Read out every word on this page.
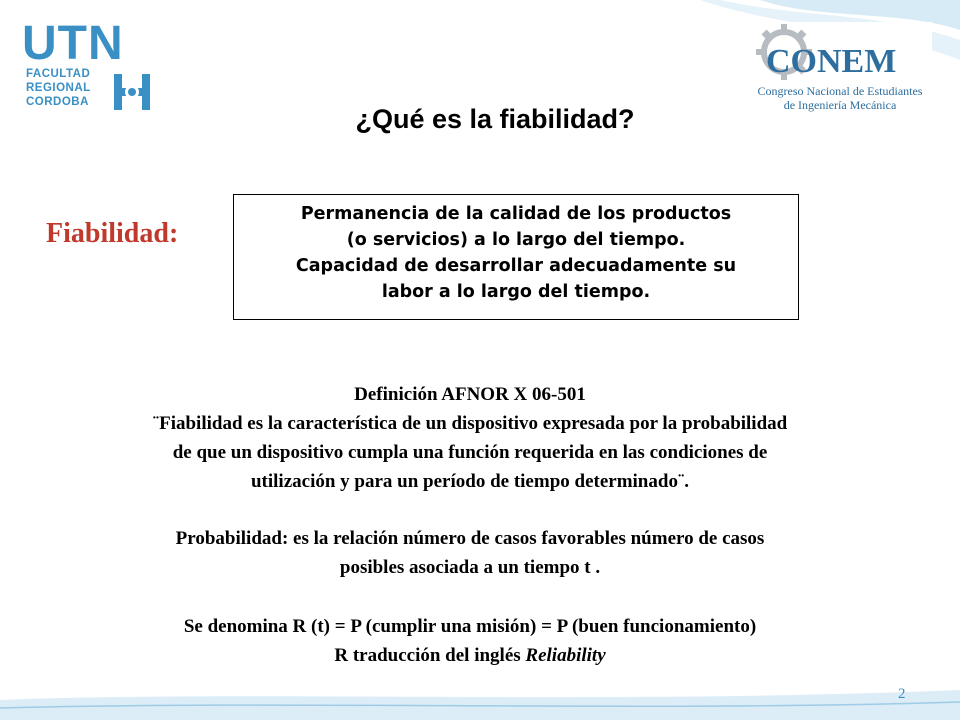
UTN
FACULTAD
REGIONAL
CORDOBA
CONEM
Congreso Nacional de Estudiantes
de Ingeniería Mecánica
¿Qué es la fiabilidad?
Fiabilidad:
Permanencia de la calidad de los productos
(o servicios) a lo largo del tiempo.
Capacidad de desarrollar adecuadamente su
labor a lo largo del tiempo.
Definición AFNOR X 06-501
¨Fiabilidad es la característica de un dispositivo expresada por la probabilidad
de que un dispositivo cumpla una función requerida en las condiciones de
utilización y para un período de tiempo determinado¨.
Probabilidad: es la relación número de casos favorables número de casos
posibles asociada a un tiempo t .
Se denomina R (t) = P (cumplir una misión) = P (buen funcionamiento)
R traducción del inglés Reliability
2
